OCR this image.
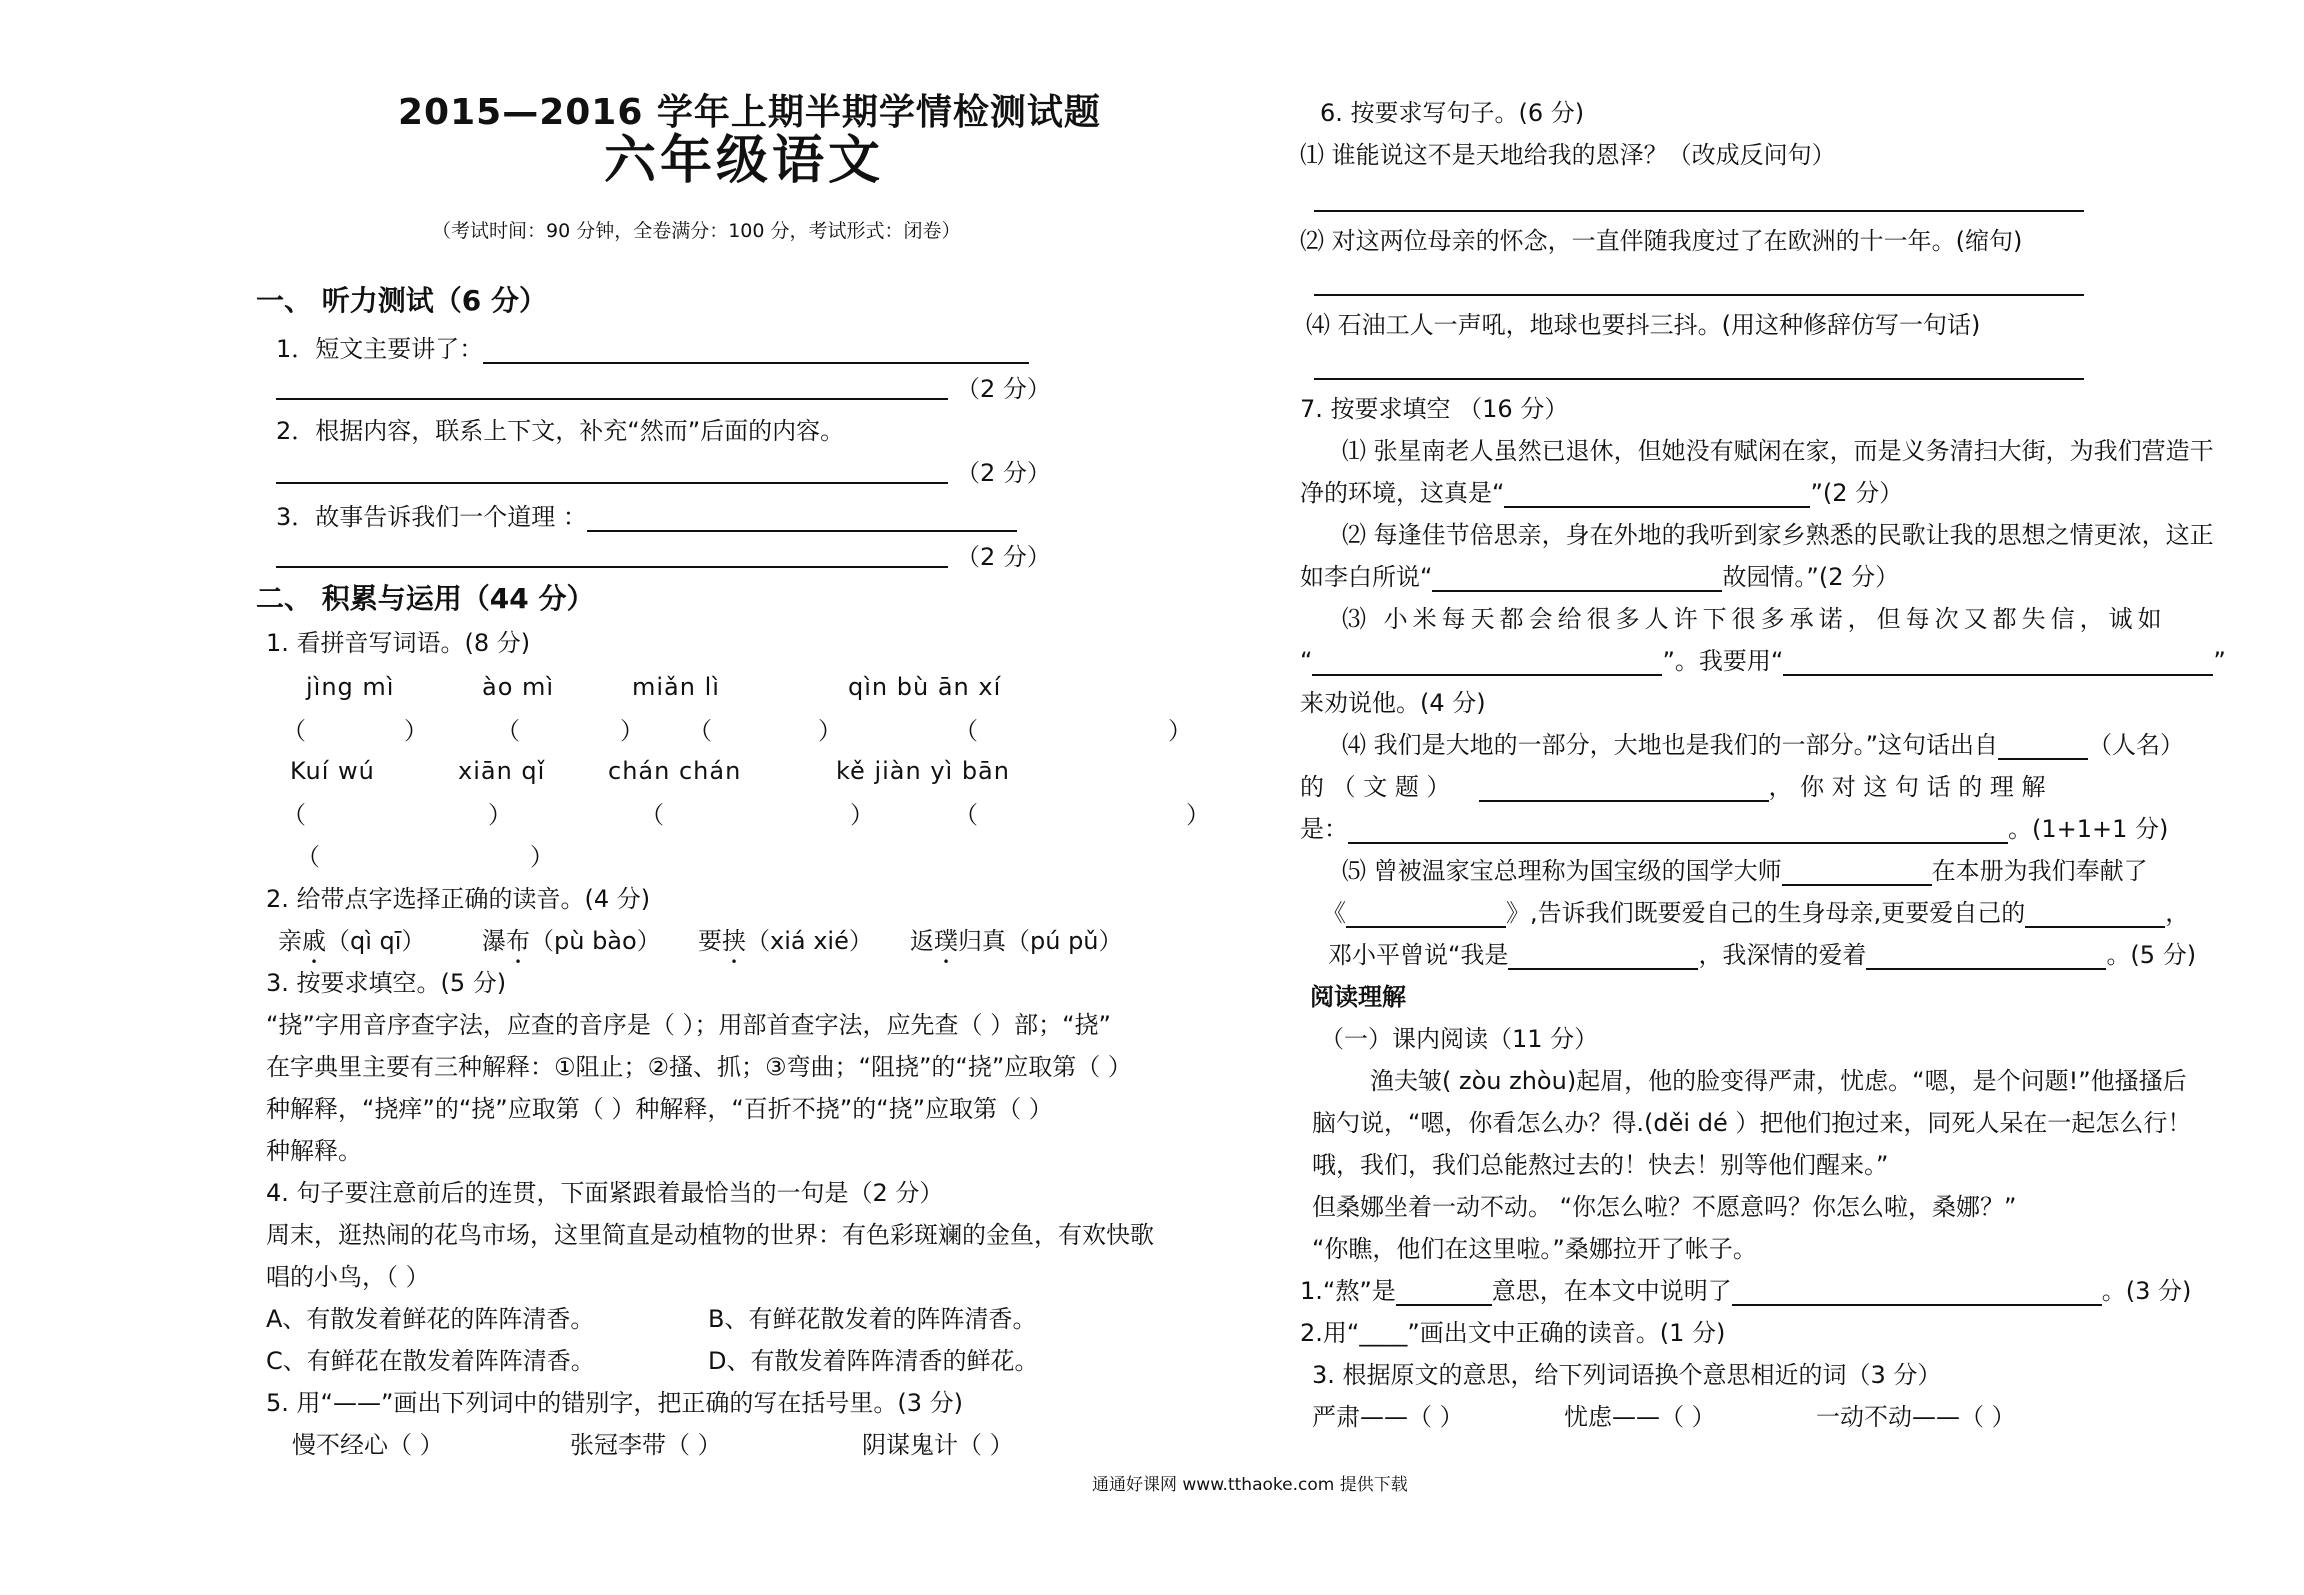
2015—2016 学年上期半期学情检测试题
六年级语文
（考试时间：90 分钟，全卷满分：100 分，考试形式：闭卷）
一、 听力测试（6 分）
1．短文主要讲了：
（2 分）
2．根据内容，联系上下文，补充“然而”后面的内容。
（2 分）
3．故事告诉我们一个道理 ：
（2 分）
二、 积累与运用（44 分）
1. 看拼音写词语。(8 分)
jìng mì	ào mì	miǎn lì	qìn bù ān xí
（	）	（	） （	）	（	）
Kuí wú	xiān qǐ	chán chán	kě jiàn yì bān
（	）	（	）	（	）
（	）
2. 给带点字选择正确的读音。(4 分)
亲戚（qì qī） 瀑布（pù bào） 要挟（xiá xié） 返璞归真（pú pǔ）
3. 按要求填空。(5 分)
“挠”字用音序查字法，应查的音序是（ ）；用部首查字法，应先查（ ）部；“挠”
在字典里主要有三种解释：①阻止；②搔、抓；③弯曲；“阻挠”的“挠”应取第（ ）
种解释，“挠痒”的“挠”应取第（ ）种解释，“百折不挠”的“挠”应取第（ ）
种解释。
4. 句子要注意前后的连贯，下面紧跟着最恰当的一句是（2 分）
周末，逛热闹的花鸟市场，这里简直是动植物的世界：有色彩斑斓的金鱼，有欢快歌
唱的小鸟，（ ）
A、有散发着鲜花的阵阵清香。	B、有鲜花散发着的阵阵清香。
C、有鲜花在散发着阵阵清香。	D、有散发着阵阵清香的鲜花。
5. 用“——”画出下列词中的错别字，把正确的写在括号里。(3 分)
慢不经心（ ）	张冠李带（ ）	阴谋鬼计（ ）
通通好课网 www.tthaoke.com 提供下载
6. 按要求写句子。(6 分)
⑴ 谁能说这不是天地给我的恩泽？（改成反问句）
⑵ 对这两位母亲的怀念，一直伴随我度过了在欧洲的十一年。(缩句)
⑷ 石油工人一声吼，地球也要抖三抖。(用这种修辞仿写一句话)
7. 按要求填空 （16 分）
⑴ 张星南老人虽然已退休，但她没有赋闲在家，而是义务清扫大街，为我们营造干
净的环境，这真是“	”(2 分）
⑵ 每逢佳节倍思亲，身在外地的我听到家乡熟悉的民歌让我的思想之情更浓，这正
如李白所说“	故园情。”(2 分）
⑶ 小米每天都会给很多人许下很多承诺，但每次又都失信，诚如
“	”。我要用“	”
来劝说他。(4 分)
⑷ 我们是大地的一部分，大地也是我们的一部分。”这句话出自	（人名）
的 （ 文 题 ）	， 你 对 这 句 话 的 理 解
是：	。(1+1+1 分)
⑸ 曾被温家宝总理称为国宝级的国学大师	在本册为我们奉献了
《	》,告诉我们既要爱自己的生身母亲,更要爱自己的	，
邓小平曾说“我是	，我深情的爱着	。(5 分)
阅读理解
（一）课内阅读（11 分）
渔夫皱( zòu zhòu)起眉，他的脸变得严肃，忧虑。“嗯，是个问题!”他搔搔后
脑勺说，“嗯，你看怎么办？得.(děi dé ）把他们抱过来，同死人呆在一起怎么行！
哦，我们，我们总能熬过去的！快去！别等他们醒来。”
但桑娜坐着一动不动。 “你怎么啦？不愿意吗？你怎么啦，桑娜？”
“你瞧，他们在这里啦。”桑娜拉开了帐子。
1.“熬”是	意思，在本文中说明了	。(3 分)
2.用“____”画出文中正确的读音。(1 分)
3. 根据原文的意思，给下列词语换个意思相近的词（3 分）
严肃——（ ）	忧虑——（ ）	一动不动——（ ）
